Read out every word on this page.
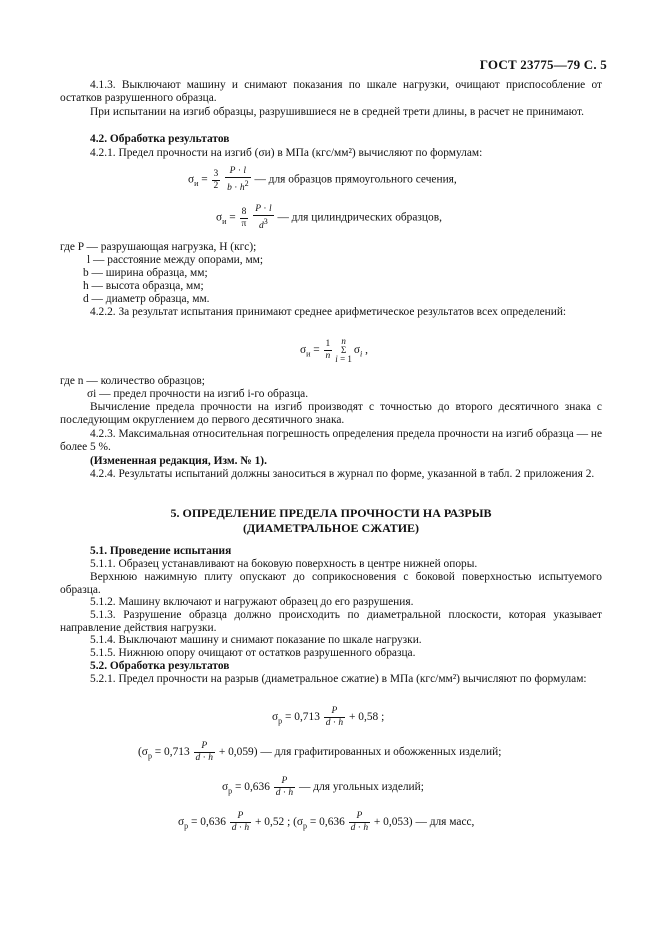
ГОСТ 23775—79 С. 5
4.1.3. Выключают машину и снимают показания по шкале нагрузки, очищают приспособление от остатков разрушенного образца.
При испытании на изгиб образцы, разрушившиеся не в средней трети длины, в расчет не принимают.
4.2. Обработка результатов
4.2.1. Предел прочности на изгиб (σи) в МПа (кгс/мм²) вычисляют по формулам:
$\sigma_и = \frac{3}{2}$
$\frac{P \cdot l}{b \cdot h^2}$ — для образцов прямоугольного сечения,
$\sigma_и = \frac{8}{\pi}$
$\frac{P \cdot l}{d^3}$ — для цилиндрических образцов,
где P — разрушающая нагрузка, Н (кгс);
l — расстояние между опорами, мм;
b — ширина образца, мм;
h — высота образца, мм;
d — диаметр образца, мм.
4.2.2. За результат испытания принимают среднее арифметическое результатов всех определений:
$\sigma_и = \frac{1}{n}$ n
Σ
$i = 1\sigma_i$ ,
где n — количество образцов;
σi — предел прочности на изгиб i-го образца.
Вычисление предела прочности на изгиб производят с точностью до второго десятичного знака с последующим округлением до первого десятичного знака.
4.2.3. Максимальная относительная погрешность определения предела прочности на изгиб образца — не более 5 %.
(Измененная редакция, Изм. № 1).
4.2.4. Результаты испытаний должны заноситься в журнал по форме, указанной в табл. 2 приложения 2.
5. ОПРЕДЕЛЕНИЕ ПРЕДЕЛА ПРОЧНОСТИ НА РАЗРЫВ
(ДИАМЕТРАЛЬНОЕ СЖАТИЕ)
5.1. Проведение испытания
5.1.1. Образец устанавливают на боковую поверхность в центре нижней опоры.
Верхнюю нажимную плиту опускают до соприкосновения с боковой поверхностью испытуемого образца.
5.1.2. Машину включают и нагружают образец до его разрушения.
5.1.3. Разрушение образца должно происходить по диаметральной плоскости, которая указывает направление действия нагрузки.
5.1.4. Выключают машину и снимают показание по шкале нагрузки.
5.1.5. Нижнюю опору очищают от остатков разрушенного образца.
5.2. Обработка результатов
5.2.1. Предел прочности на разрыв (диаметральное сжатие) в МПа (кгс/мм²) вычисляют по формулам:
$\sigma_р = 0,713 \frac{P}{d \cdot h} + 0,58$ ;
$(\sigma_р = 0,713 \frac{P}{d \cdot h} + 0,059)$ — для графитированных и обожженных изделий;
$\sigma_р = 0,636 \frac{P}{d \cdot h}$ — для угольных изделий;
$\sigma_р = 0,636 \frac{P}{d \cdot h} + 0,52$ ; $(\sigma_р = 0,636 \frac{P}{d \cdot h} + 0,053)$ — для масс,
